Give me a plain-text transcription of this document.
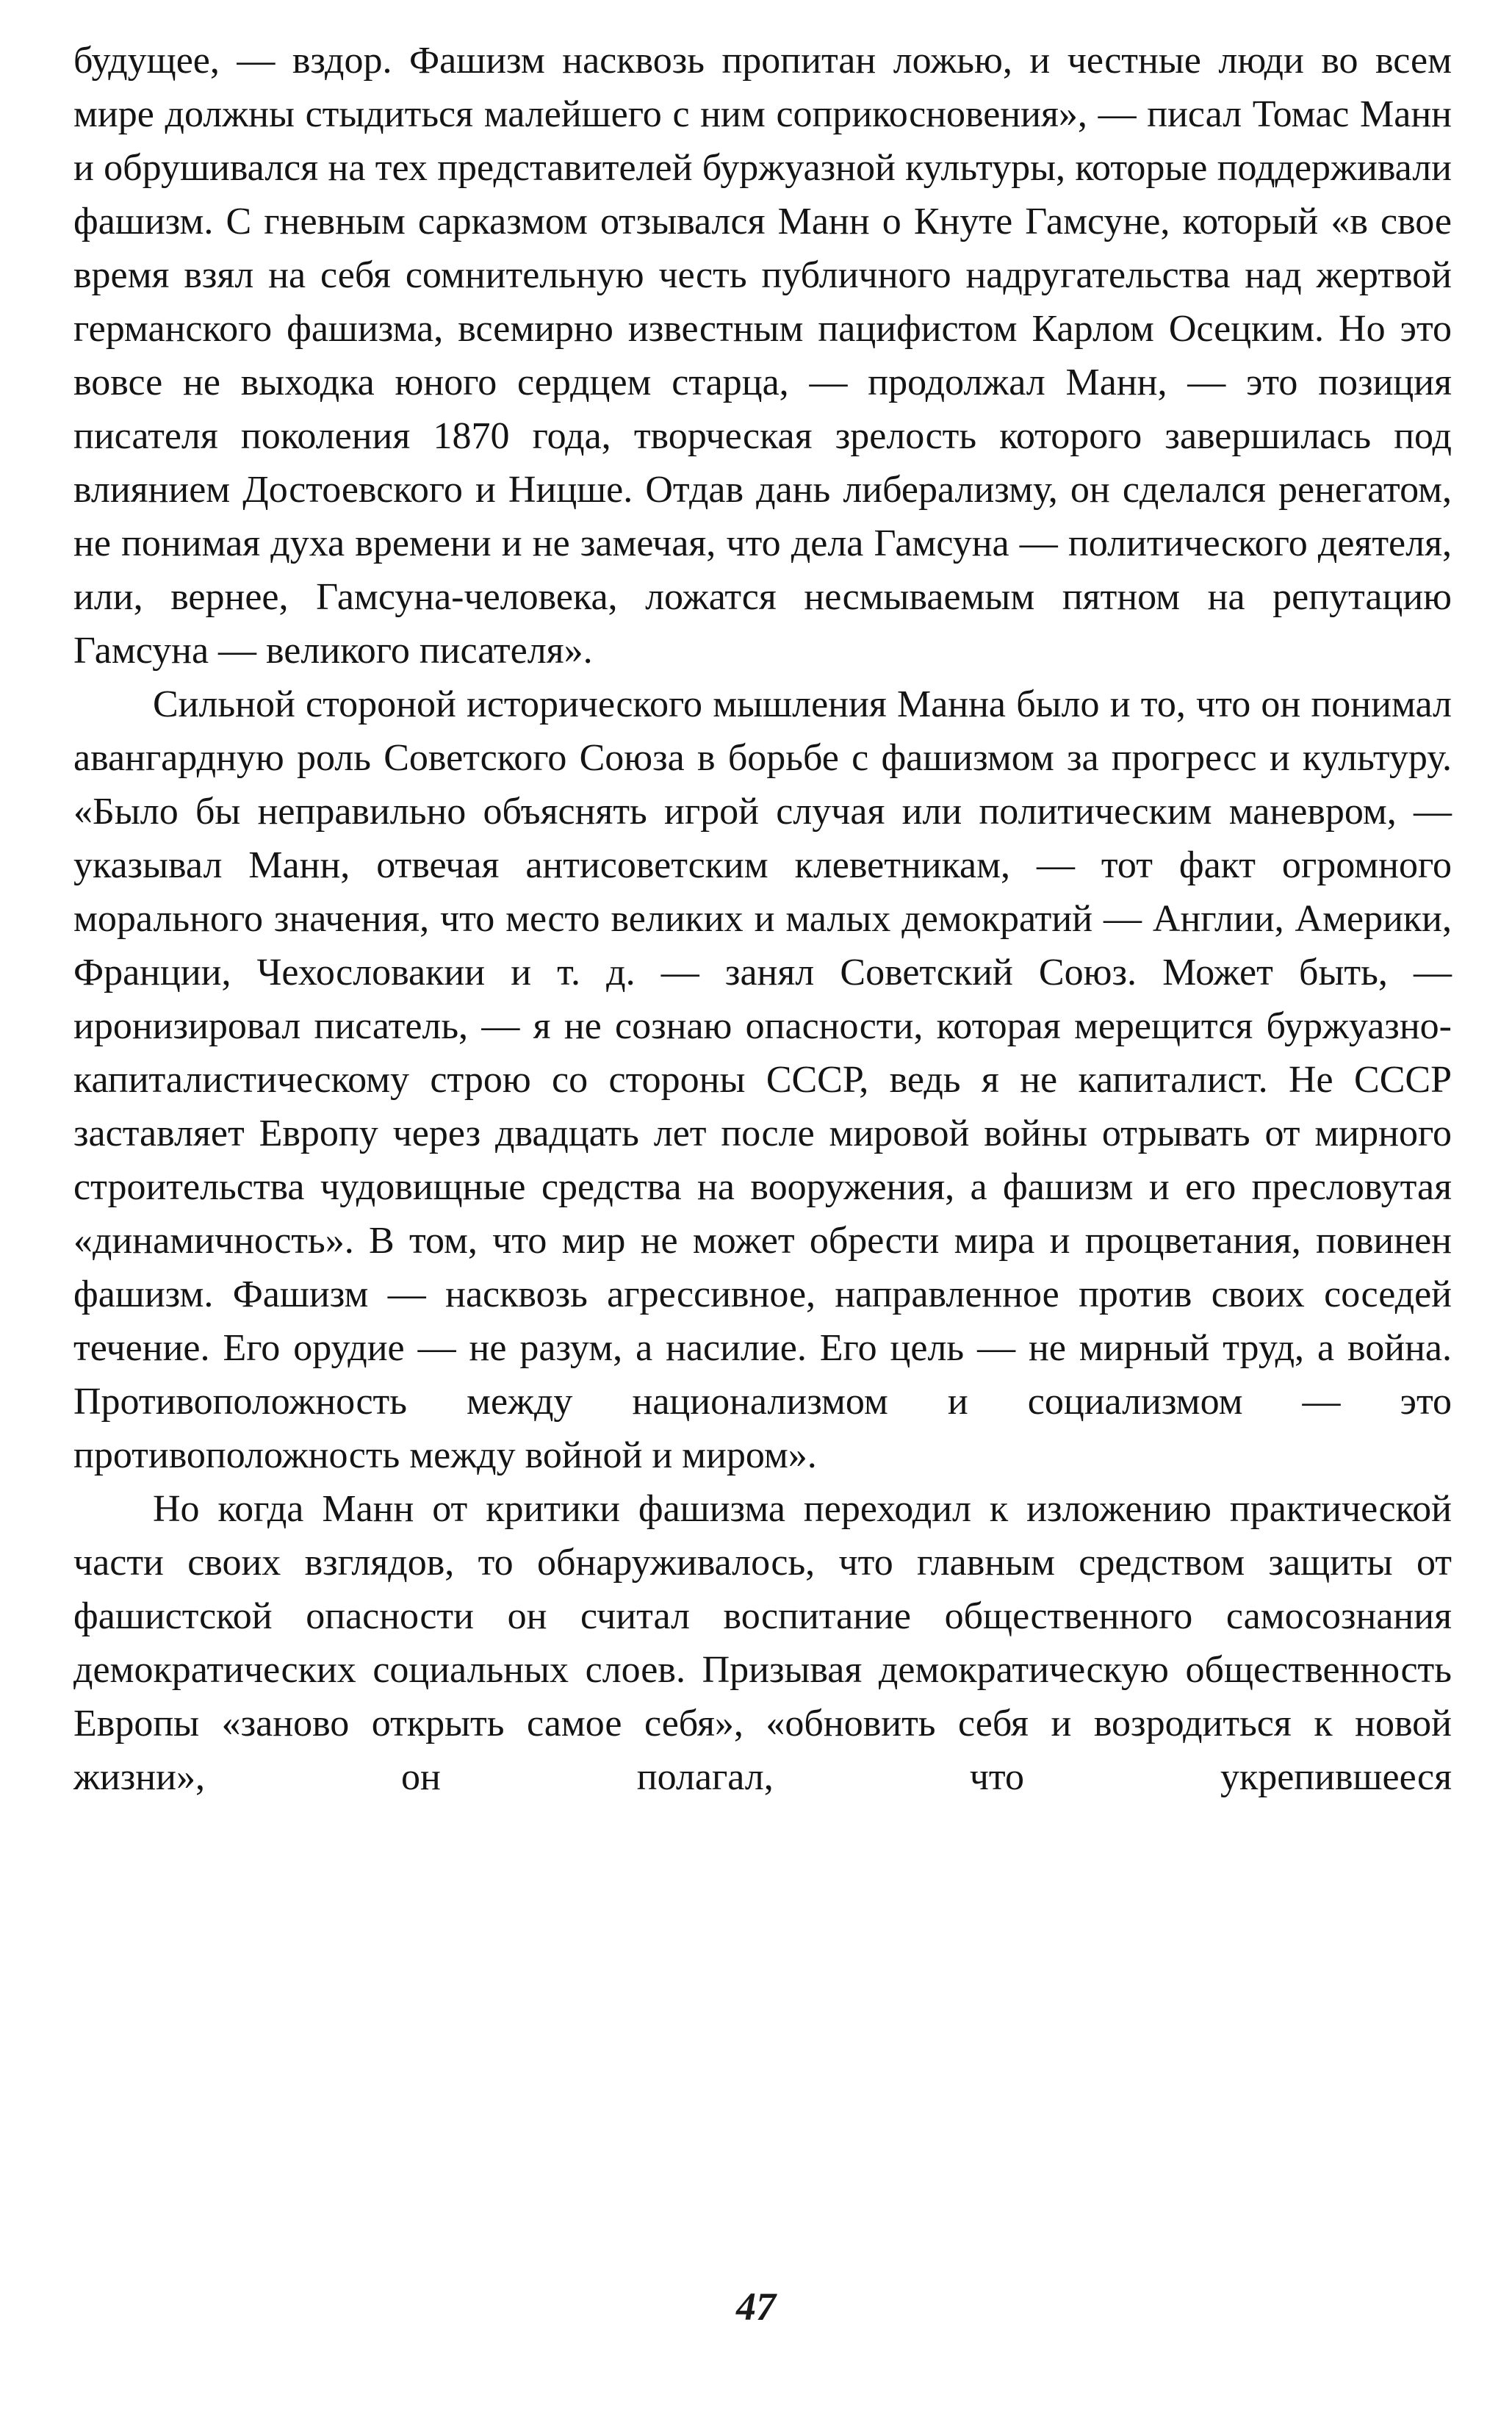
будущее, — вздор. Фашизм насквозь пропитан ложью, и честные люди во всем мире должны стыдиться малейшего с ним соприкосновения», — писал Томас Манн и обрушивался на тех представителей буржуазной культуры, которые поддерживали фашизм. С гневным сарказмом отзывался Манн о Кнуте Гамсуне, который «в свое время взял на себя сомнительную честь публичного надругательства над жертвой германского фашизма, всемирно известным пацифистом Карлом Осецким. Но это вовсе не выходка юного сердцем старца, — продолжал Манн, — это позиция писателя поколения 1870 года, творческая зрелость которого завершилась под влиянием Достоевского и Ницше. Отдав дань либерализму, он сделался ренегатом, не понимая духа времени и не замечая, что дела Гамсуна — политического деятеля, или, вернее, Гамсуна-человека, ложатся несмываемым пятном на репутацию Гамсуна — великого писателя».

Сильной стороной исторического мышления Манна было и то, что он понимал авангардную роль Советского Союза в борьбе с фашизмом за прогресс и культуру. «Было бы неправильно объяснять игрой случая или политическим маневром, — указывал Манн, отвечая антисоветским клеветникам, — тот факт огромного морального значения, что место великих и малых демократий — Англии, Америки, Франции, Чехословакии и т. д. — занял Советский Союз. Может быть, — иронизировал писатель, — я не сознаю опасности, которая мерещится буржуазно-капиталистическому строю со стороны СССР, ведь я не капиталист. Не СССР заставляет Европу через двадцать лет после мировой войны отрывать от мирного строительства чудовищные средства на вооружения, а фашизм и его пресловутая «динамичность». В том, что мир не может обрести мира и процветания, повинен фашизм. Фашизм — насквозь агрессивное, направленное против своих соседей течение. Его орудие — не разум, а насилие. Его цель — не мирный труд, а война. Противоположность между национализмом и социализмом — это противоположность между войной и миром».

Но когда Манн от критики фашизма переходил к изложению практической части своих взглядов, то обнаруживалось, что главным средством защиты от фашистской опасности он считал воспитание общественного самосознания демократических социальных слоев. Призывая демократическую общественность Европы «заново открыть самое себя», «обновить себя и возродиться к новой жизни», он полагал, что укрепившееся

47
